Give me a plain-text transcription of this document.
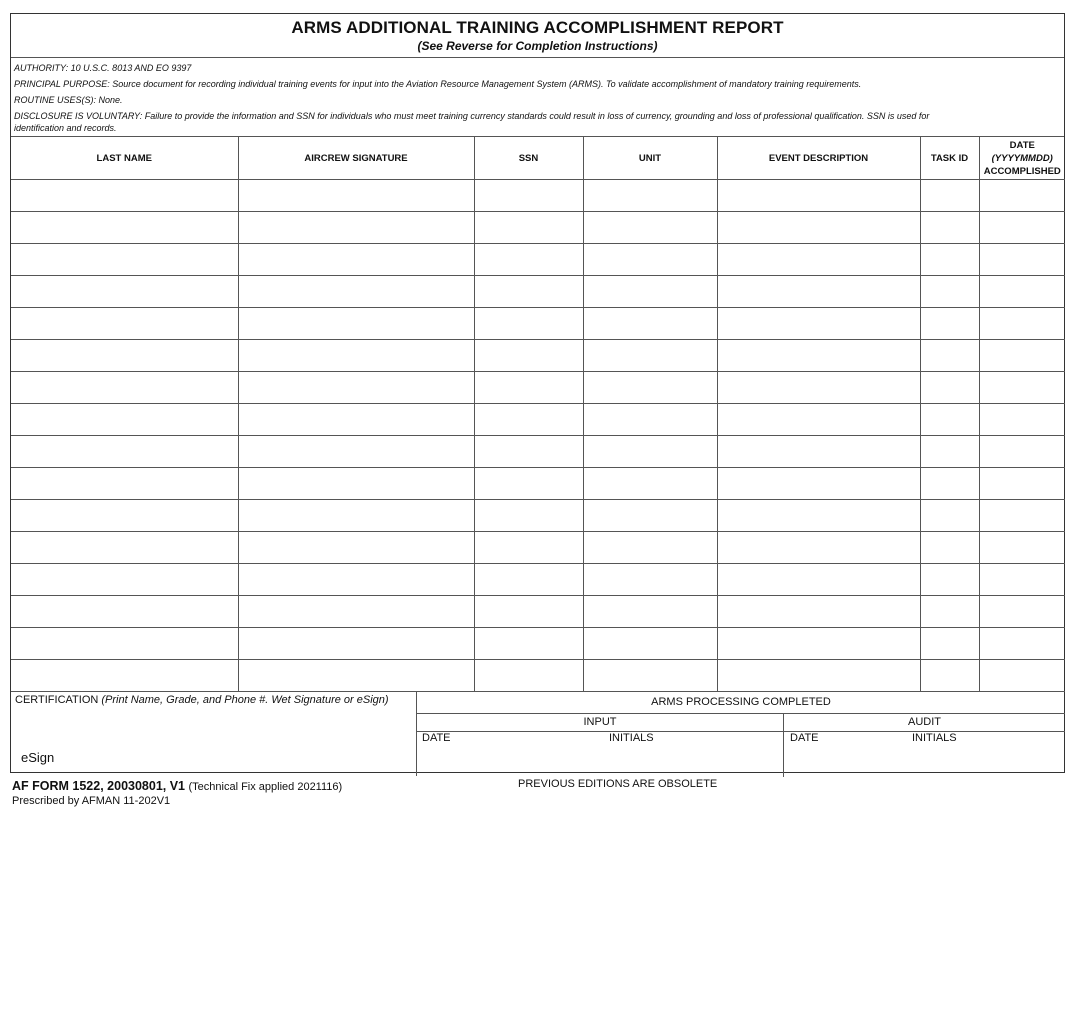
ARMS ADDITIONAL TRAINING ACCOMPLISHMENT REPORT
(See Reverse for Completion Instructions)
AUTHORITY: 10 U.S.C. 8013 AND EO 9397
PRINCIPAL PURPOSE: Source document for recording individual training events for input into the Aviation Resource Management System (ARMS). To validate accomplishment of mandatory training requirements.
ROUTINE USES(S): None.
DISCLOSURE IS VOLUNTARY: Failure to provide the information and SSN for individuals who must meet training currency standards could result in loss of currency, grounding and loss of professional qualification. SSN is used for
identification and records.
LAST NAME	AIRCREW SIGNATURE	SSN	UNIT	EVENT DESCRIPTION	TASK ID	DATE
(YYYYMMDD)
ACCOMPLISHED

CERTIFICATION (Print Name, Grade, and Phone #. Wet Signature or eSign)
eSign
ARMS PROCESSING COMPLETED
INPUT	AUDIT
DATE	INITIALS	DATE	INITIALS
AF FORM 1522, 20030801, V1 (Technical Fix applied 2021116)
Prescribed by AFMAN 11-202V1
PREVIOUS EDITIONS ARE OBSOLETE
